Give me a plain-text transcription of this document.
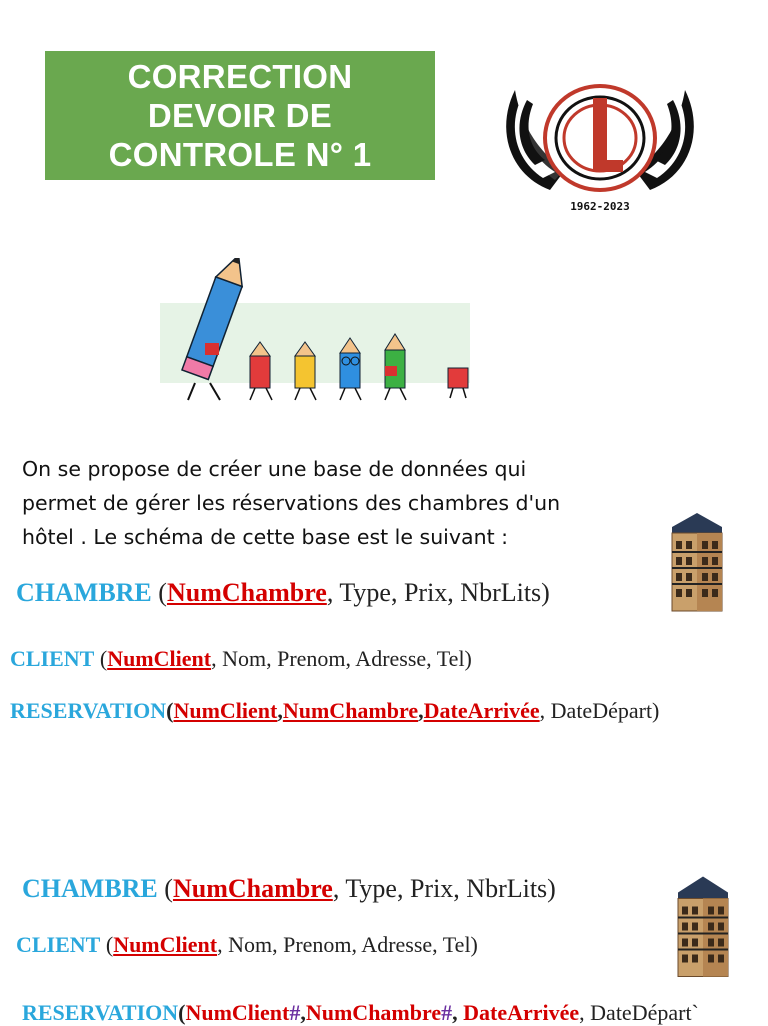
CORRECTION
DEVOIR DE
CONTROLE N° 1
1962-2023
On se propose de créer une base de données qui
permet de gérer les réservations des chambres d'un
hôtel . Le schéma de cette base est le suivant :
CHAMBRE (NumChambre, Type, Prix, NbrLits)
CLIENT (NumClient, Nom, Prenom, Adresse, Tel)
RESERVATION(NumClient,NumChambre,DateArrivée, DateDépart)
CHAMBRE (NumChambre, Type, Prix, NbrLits)
CLIENT (NumClient, Nom, Prenom, Adresse, Tel)
RESERVATION(NumClient#,NumChambre#, DateArrivée, DateDépart`
